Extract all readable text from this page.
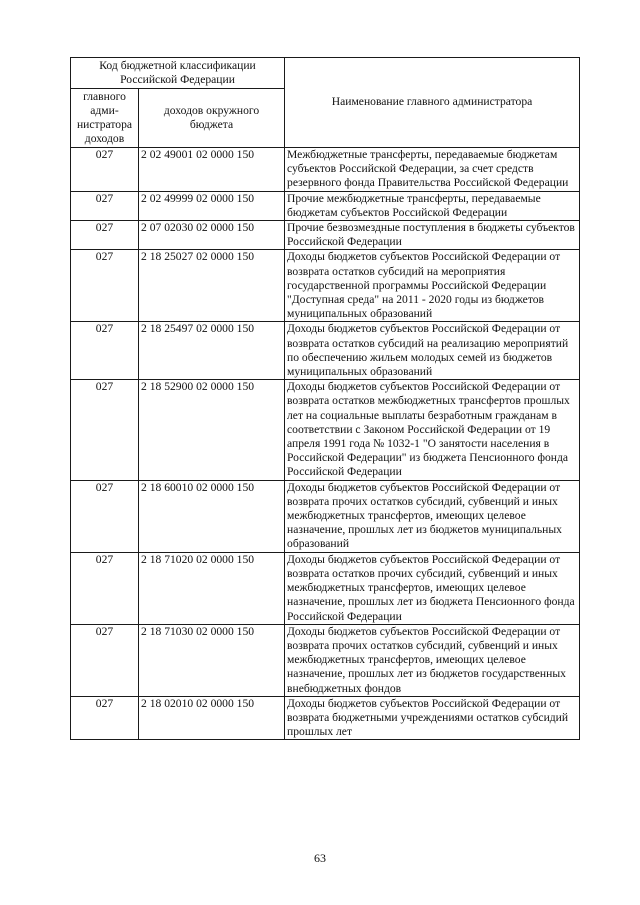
Код бюджетной классификации Российской Федерации		Наименование главного администратора
главного адми-нистратора доходов	доходов окружного бюджета	
027	2 02 49001 02 0000 150	Межбюджетные трансферты, передаваемые бюджетам субъектов Российской Федерации, за счет средств резервного фонда Правительства Российской Федерации
027	2 02 49999 02 0000 150	Прочие межбюджетные трансферты, передаваемые бюджетам субъектов Российской Федерации
027	2 07 02030 02 0000 150	Прочие безвозмездные поступления в бюджеты субъектов Российской Федерации
027	2 18 25027 02 0000 150	Доходы бюджетов субъектов Российской Федерации от возврата остатков субсидий на мероприятия государственной программы Российской Федерации "Доступная среда" на 2011 - 2020 годы из бюджетов муниципальных образований
027	2 18 25497 02 0000 150	Доходы бюджетов субъектов Российской Федерации от возврата остатков субсидий на реализацию мероприятий по обеспечению жильем молодых семей из бюджетов муниципальных образований
027	2 18 52900 02 0000 150	Доходы бюджетов субъектов Российской Федерации от возврата остатков межбюджетных трансфертов прошлых лет на социальные выплаты безработным гражданам в соответствии с Законом Российской Федерации от 19 апреля 1991 года № 1032-1 "О занятости населения в Российской Федерации" из бюджета Пенсионного фонда Российской Федерации
027	2 18 60010 02 0000 150	Доходы бюджетов субъектов Российской Федерации от возврата прочих остатков субсидий, субвенций и иных межбюджетных трансфертов, имеющих целевое назначение, прошлых лет из бюджетов муниципальных образований
027	2 18 71020 02 0000 150	Доходы бюджетов субъектов Российской Федерации от возврата остатков прочих субсидий, субвенций и иных межбюджетных трансфертов, имеющих целевое назначение, прошлых лет из бюджета Пенсионного фонда Российской Федерации
027	2 18 71030 02 0000 150	Доходы бюджетов субъектов Российской Федерации от возврата прочих остатков субсидий, субвенций и иных межбюджетных трансфертов, имеющих целевое назначение, прошлых лет из бюджетов государственных внебюджетных фондов
027	2 18 02010 02 0000 150	Доходы бюджетов субъектов Российской Федерации от возврата бюджетными учреждениями остатков субсидий прошлых лет
63
